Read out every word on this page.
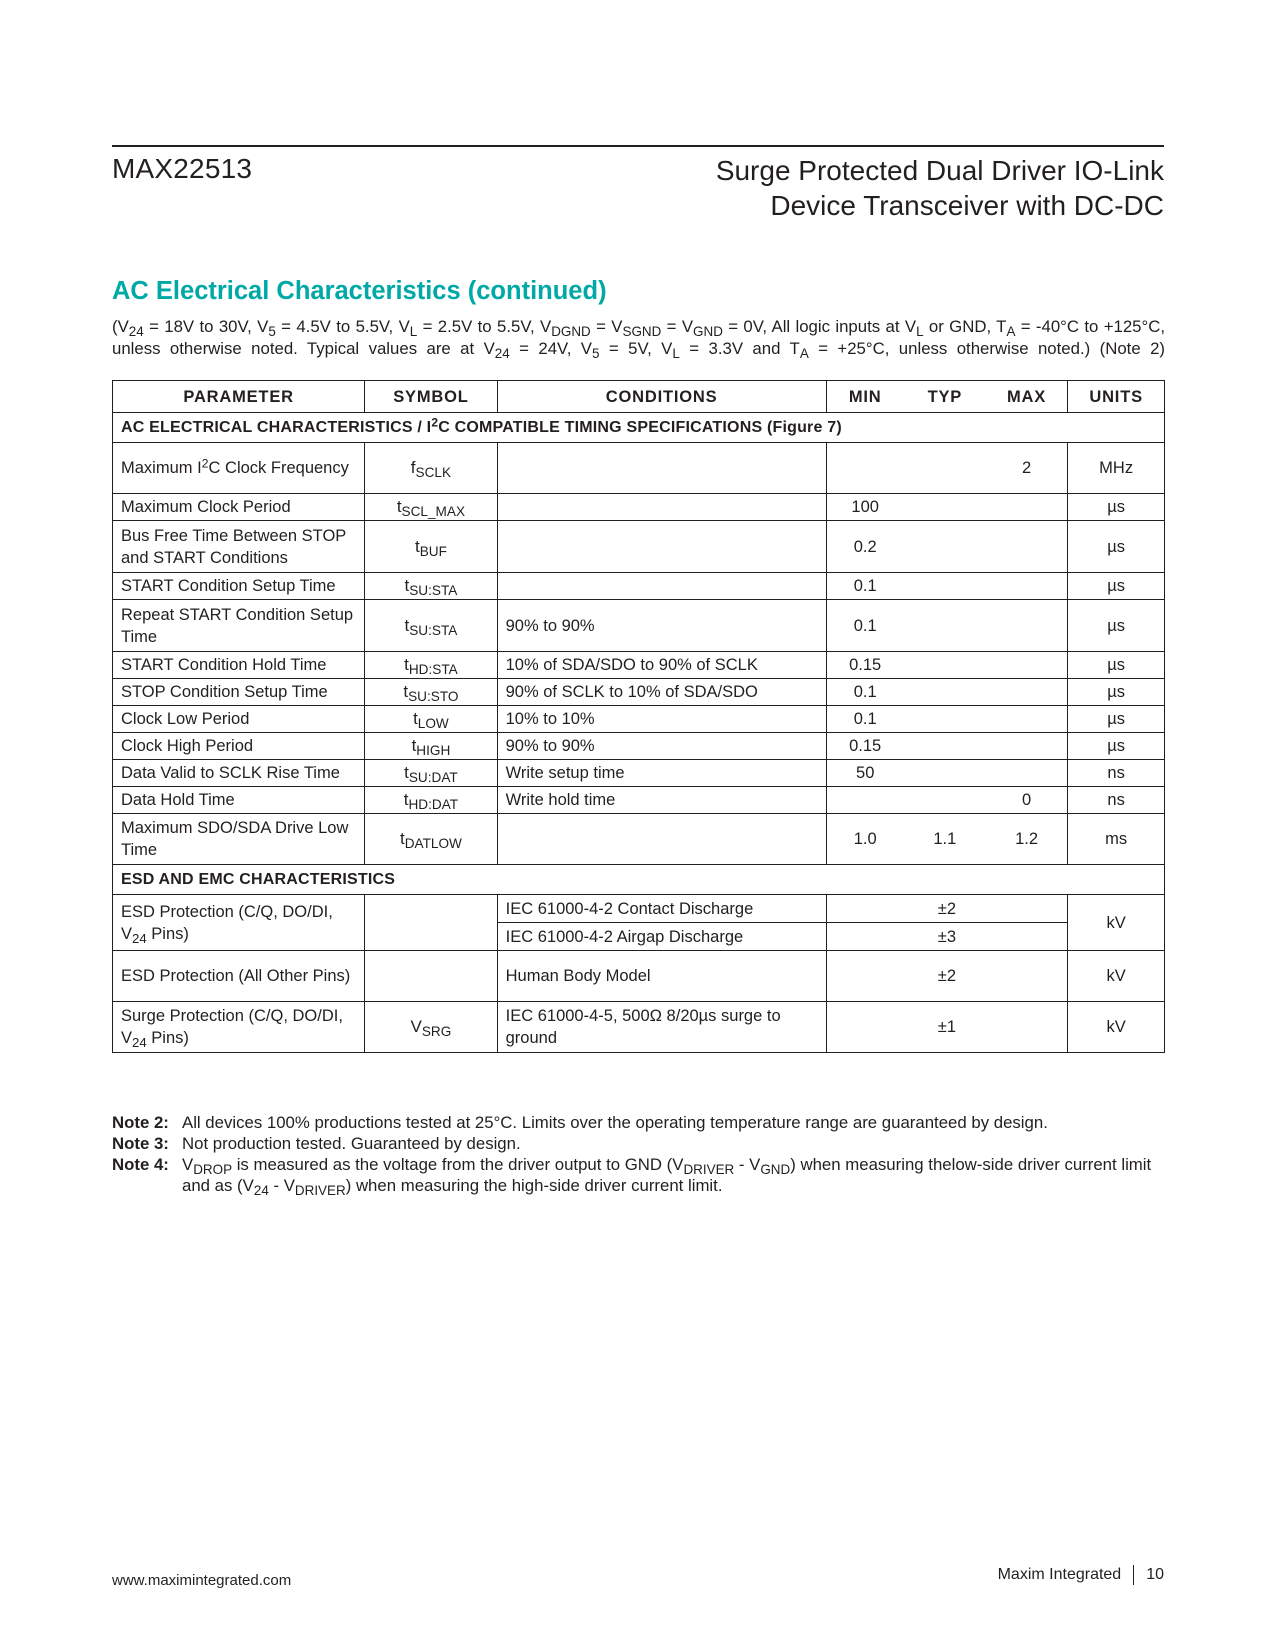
MAX22513	Surge Protected Dual Driver IO-Link
Device Transceiver with DC-DC
AC Electrical Characteristics (continued)
($V_{24} = 18V$ to 30V, $V_5 = 4.5V$ to 5.5V, $V_L = 2.5V$ to 5.5V, $V_{DGND} = V_{SGND} = V_{GND} = 0V$, All logic inputs at $V_L$ or GND, $T_A = -40^\circ C$ to +125°C, unless otherwise noted. Typical values are at $V_{24} = 24V$, $V_5 = 5V$, $V_L = 3.3V$ and $T_A = +25^\circ C$, unless otherwise noted.) (Note 2)
PARAMETER	SYMBOL	CONDITIONS	MIN	TYP	MAX	UNITS
AC ELECTRICAL CHARACTERISTICS / $I^2C$ COMPATIBLE TIMING SPECIFICATIONS (Figure 7)						
Maximum $I^2C$ Clock Frequency	$f_{SCLK}$				2	MHz
Maximum Clock Period	$t_{SCL\_MAX}$		100			µs
Bus Free Time Between STOP and START Conditions	$t_{BUF}$		0.2			µs
START Condition Setup Time	$t_{SU:STA}$		0.1			µs
Repeat START Condition Setup Time	$t_{SU:STA}$	90% to 90%	0.1			µs
START Condition Hold Time	$t_{HD:STA}$	10% of SDA/SDO to 90% of SCLK	0.15			µs
STOP Condition Setup Time	$t_{SU:STO}$	90% of SCLK to 10% of SDA/SDO	0.1			µs
Clock Low Period	$t_{LOW}$	10% to 10%	0.1			µs
Clock High Period	$t_{HIGH}$	90% to 90%	0.15			µs
Data Valid to SCLK Rise Time	$t_{SU:DAT}$	Write setup time	50			ns
Data Hold Time	$t_{HD:DAT}$	Write hold time			0	ns
Maximum SDO/SDA Drive Low Time	$t_{DATLOW}$		1.0	1.1	1.2	ms
ESD AND EMC CHARACTERISTICS						
ESD Protection (C/Q, DO/DI, $V_{24}$ Pins)		IEC 61000-4-2 Contact Discharge	±2			kV
		IEC 61000-4-2 Airgap Discharge	±3			
ESD Protection (All Other Pins)		Human Body Model	±2			kV
Surge Protection (C/Q, DO/DI, $V_{24}$ Pins)	$V_{SRG}$	IEC 61000-4-5, 500Ω 8/20µs surge to ground	±1			kV
Note 2: All devices 100% productions tested at 25°C. Limits over the operating temperature range are guaranteed by design.
Note 3: Not production tested. Guaranteed by design.
Note 4: $V_{DROP}$ is measured as the voltage from the driver output to GND $(V_{DRIVER} - V_{GND})$ when measuring thelow-side driver current limit and as $(V_{24} - V_{DRIVER})$ when measuring the high-side driver current limit.
www.maximintegrated.com	Maxim Integrated 10
